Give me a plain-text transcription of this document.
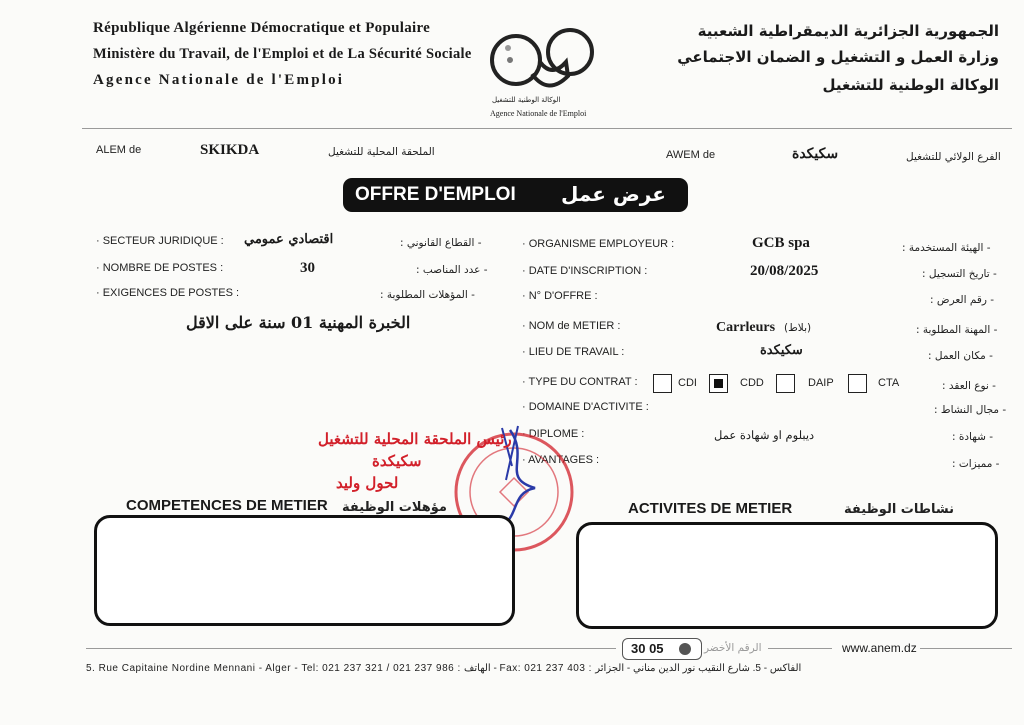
République Algérienne Démocratique et Populaire
Ministère du Travail, de l'Emploi et de La Sécurité Sociale
Agence Nationale de l'Emploi
الجمهورية الجزائرية الديمقراطية الشعبية
وزارة العمل و التشغيل و الضمان الاجتماعي
الوكالة الوطنية للتشغيل
الوكالة الوطنية للتشغيل
Agence Nationale de l'Emploi
ALEM de	SKIKDA	الملحقة المحلية للتشغيل	AWEM de	سكيكدة	الفرع الولائي للتشغيل
OFFRE D'EMPLOI عرض عمل
· SECTEUR JURIDIQUE : اقتصادي عمومي	- القطاع القانوني :
· NOMBRE DE POSTES :	30	- عدد المناصب :
· EXIGENCES DE POSTES :	- المؤهلات المطلوبة :
الخبرة المهنية 01 سنة على الاقل
· ORGANISME EMPLOYEUR :	GCB spa	- الهيئة المستخدمة :
· DATE D'INSCRIPTION :	20/08/2025	- تاريخ التسجيل :
· N° D'OFFRE :	- رقم العرض :
· NOM de METIER :	Carrleurs (بلاط)	- المهنة المطلوبة :
· LIEU DE TRAVAIL :	سكيكدة	- مكان العمل :
· TYPE DU CONTRAT :	- نوع العقد :
CDI	CDD	DAIP	CTA
· DOMAINE D'ACTIVITE :	- مجال النشاط :
· DIPLOME :	ديبلوم او شهادة عمل	- شهادة :
· AVANTAGES :	- مميزات :
رئيس الملحقة المحلية للتشغيل
سكيكدة
لحول وليد
COMPETENCES DE METIER مؤهلات الوظيفة	ACTIVITES DE METIER	نشاطات الوظيفة
30 05	الرقم الأخضر	www.anem.dz
5. Rue Capitaine Nordine Mennani - Alger - Tel: 021 237 321 / 021 237 986 : الهاتف - Fax: 021 237 403 : الفاكس - 5. شارع النقيب نور الدين مناني - الجزائر
